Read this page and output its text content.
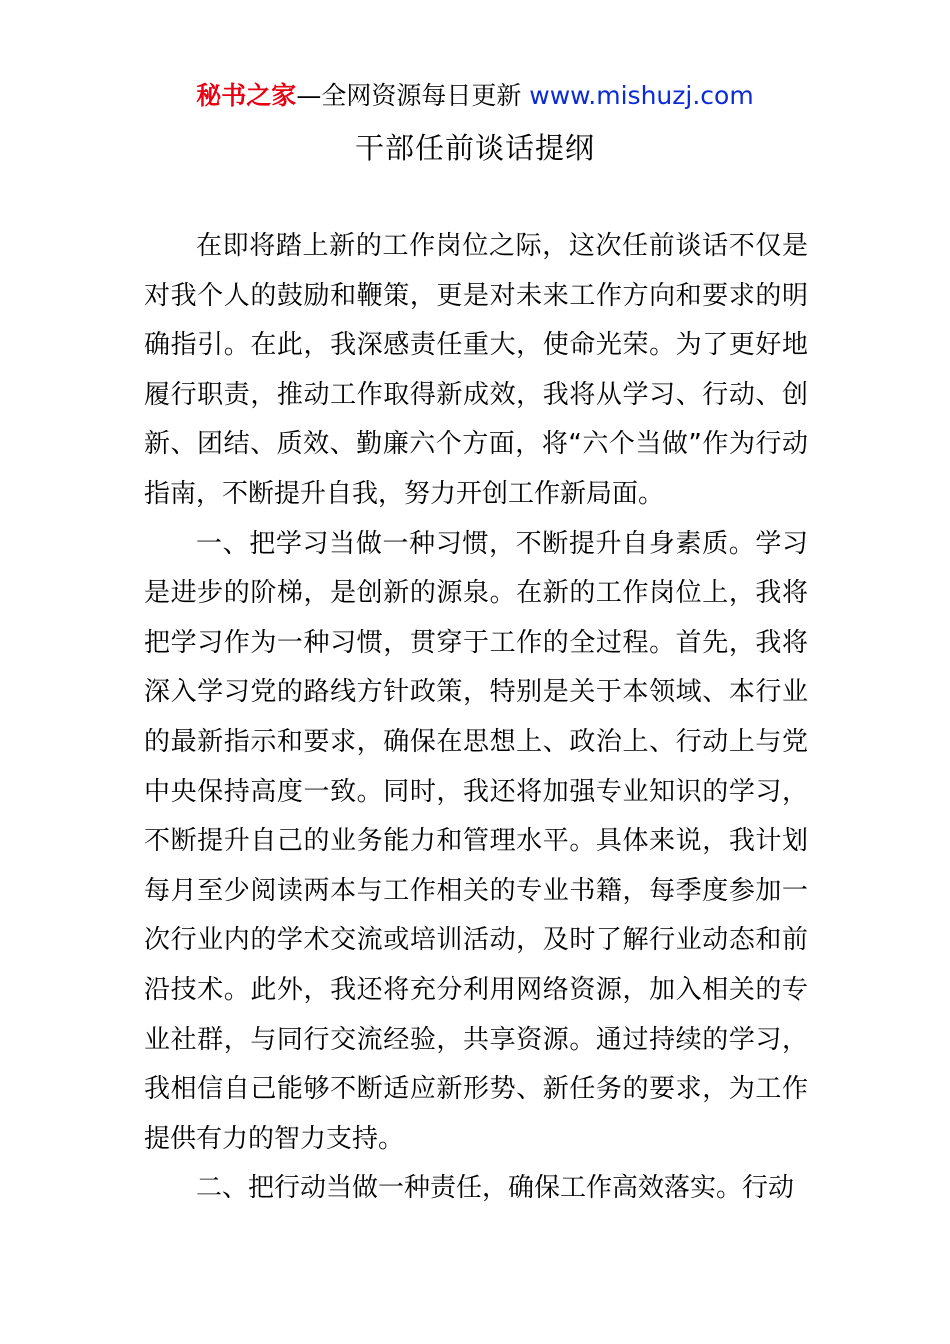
秘书之家—全网资源每日更新 www.mishuzj.com
干部任前谈话提纲

在即将踏上新的工作岗位之际，这次任前谈话不仅是对我个人的鼓励和鞭策，更是对未来工作方向和要求的明确指引。在此，我深感责任重大，使命光荣。为了更好地履行职责，推动工作取得新成效，我将从学习、行动、创新、团结、质效、勤廉六个方面，将“六个当做”作为行动指南，不断提升自我，努力开创工作新局面。

一、把学习当做一种习惯，不断提升自身素质。学习是进步的阶梯，是创新的源泉。在新的工作岗位上，我将把学习作为一种习惯，贯穿于工作的全过程。首先，我将深入学习党的路线方针政策，特别是关于本领域、本行业的最新指示和要求，确保在思想上、政治上、行动上与党中央保持高度一致。同时，我还将加强专业知识的学习，不断提升自己的业务能力和管理水平。具体来说，我计划每月至少阅读两本与工作相关的专业书籍，每季度参加一次行业内的学术交流或培训活动，及时了解行业动态和前沿技术。此外，我还将充分利用网络资源，加入相关的专业社群，与同行交流经验，共享资源。通过持续的学习，我相信自己能够不断适应新形势、新任务的要求，为工作提供有力的智力支持。

二、把行动当做一种责任，确保工作高效落实。行动
